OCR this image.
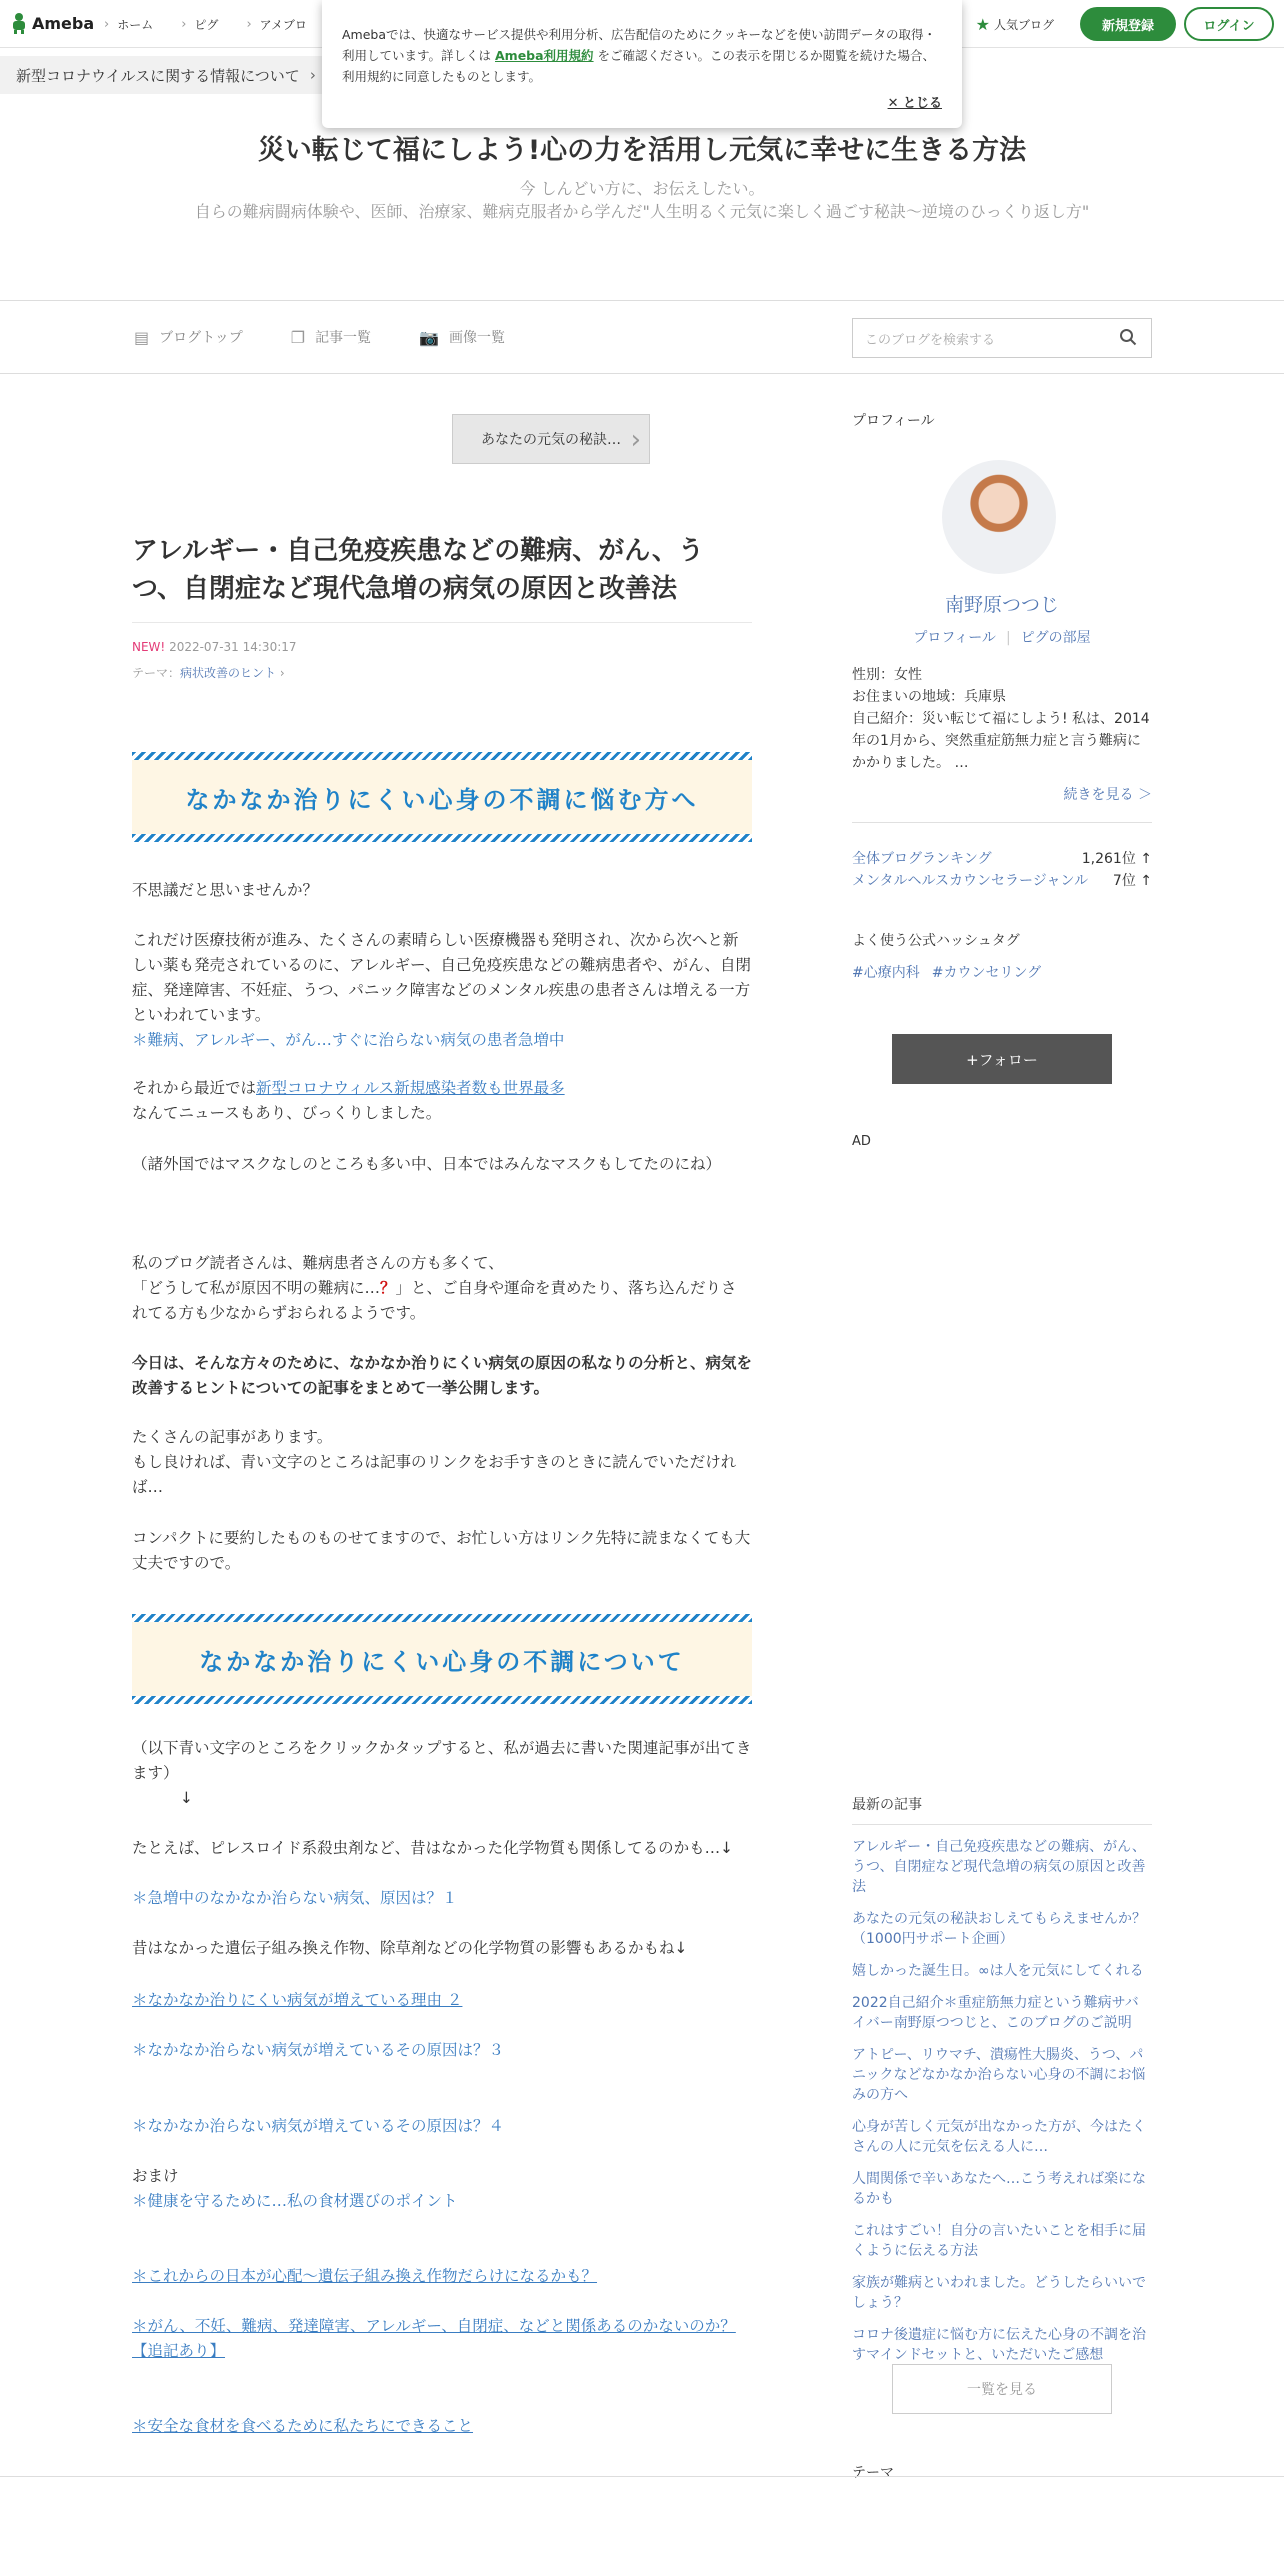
Ameba	› ホーム	› ピグ	› アメブロ	★ 人気ブログ	新規登録	ログイン
新型コロナウイルスに関する情報について ›
Amebaでは、快適なサービス提供や利用分析、広告配信のためにクッキーなどを使い訪問データの取得・利用しています。詳しくは Ameba利用規約 をご確認ください。この表示を閉じるか閲覧を続けた場合、利用規約に同意したものとします。
✕ とじる
災い転じて福にしよう!心の力を活用し元気に幸せに生きる方法
今 しんどい方に、お伝えしたい。
自らの難病闘病体験や、医師、治療家、難病克服者から学んだ"人生明るく元気に楽しく過ごす秘訣～逆境のひっくり返し方"
▤ ブログトップ	❐ 記事一覧	📷 画像一覧	このブログを検索する
あなたの元気の秘訣… ›
アレルギー・自己免疫疾患などの難病、がん、うつ、自閉症など現代急増の病気の原因と改善法
NEW! 2022-07-31 14:30:17
テーマ：病状改善のヒント ›
なかなか治りにくい心身の不調に悩む方へ
不思議だと思いませんか？
これだけ医療技術が進み、たくさんの素晴らしい医療機器も発明され、次から次へと新しい薬も発売されているのに、アレルギー、自己免疫疾患などの難病患者や、がん、自閉症、発達障害、不妊症、うつ、パニック障害などのメンタル疾患の患者さんは増える一方といわれています。
＊難病、アレルギー、がん…すぐに治らない病気の患者急増中
それから最近では新型コロナウィルス新規感染者数も世界最多
なんてニュースもあり、びっくりしました。
（諸外国ではマスクなしのところも多い中、日本ではみんなマスクもしてたのにね）
私のブログ読者さんは、難病患者さんの方も多くて、
「どうして私が原因不明の難病に…？」と、ご自身や運命を責めたり、落ち込んだりされてる方も少なからずおられるようです。
今日は、そんな方々のために、なかなか治りにくい病気の原因の私なりの分析と、病気を改善するヒントについての記事をまとめて一挙公開します。
たくさんの記事があります。
もし良ければ、青い文字のところは記事のリンクをお手すきのときに読んでいただければ…
コンパクトに要約したものものせてますので、お忙しい方はリンク先特に読まなくても大丈夫ですので。
なかなか治りにくい心身の不調について
（以下青い文字のところをクリックかタップすると、私が過去に書いた関連記事が出てきます）
↓
たとえば、ピレスロイド系殺虫剤など、昔はなかった化学物質も関係してるのかも…↓
＊急増中のなかなか治らない病気、原因は？１
昔はなかった遺伝子組み換え作物、除草剤などの化学物質の影響もあるかもね↓
＊なかなか治りにくい病気が増えている理由 ２
＊なかなか治らない病気が増えているその原因は？３
＊なかなか治らない病気が増えているその原因は？４
おまけ
＊健康を守るために…私の食材選びのポイント
＊これからの日本が心配〜遺伝子組み換え作物だらけになるかも？
＊がん、不妊、難病、発達障害、アレルギー、自閉症、などと関係あるのかないのか？【追記あり】
＊安全な食材を食べるために私たちにできること
プロフィール
南野原つつじ
プロフィール | ピグの部屋
性別：女性
お住まいの地域：兵庫県
自己紹介：災い転じて福にしよう! 私は、2014年の1月から、突然重症筋無力症と言う難病にかかりました。 …
続きを見る ＞
全体ブログランキング	1,261位 ↑
メンタルヘルスカウンセラージャンル 7位 ↑
よく使う公式ハッシュタグ
#心療内科 #カウンセリング
+フォロー
AD
最新の記事
アレルギー・自己免疫疾患などの難病、がん、うつ、自閉症など現代急増の病気の原因と改善法
あなたの元気の秘訣おしえてもらえませんか？（1000円サポート企画）
嬉しかった誕生日。∞は人を元気にしてくれる
2022自己紹介＊重症筋無力症という難病サバイバー南野原つつじと、このブログのご説明
アトピー、リウマチ、潰瘍性大腸炎、うつ、パニックなどなかなか治らない心身の不調にお悩みの方へ
心身が苦しく元気が出なかった方が、今はたくさんの人に元気を伝える人に…
人間関係で辛いあなたへ…こう考えれば楽になるかも
これはすごい！自分の言いたいことを相手に届くように伝える方法
家族が難病といわれました。どうしたらいいでしょう？
コロナ後遺症に悩む方に伝えた心身の不調を治すマインドセットと、いただいたご感想
一覧を見る
テーマ
